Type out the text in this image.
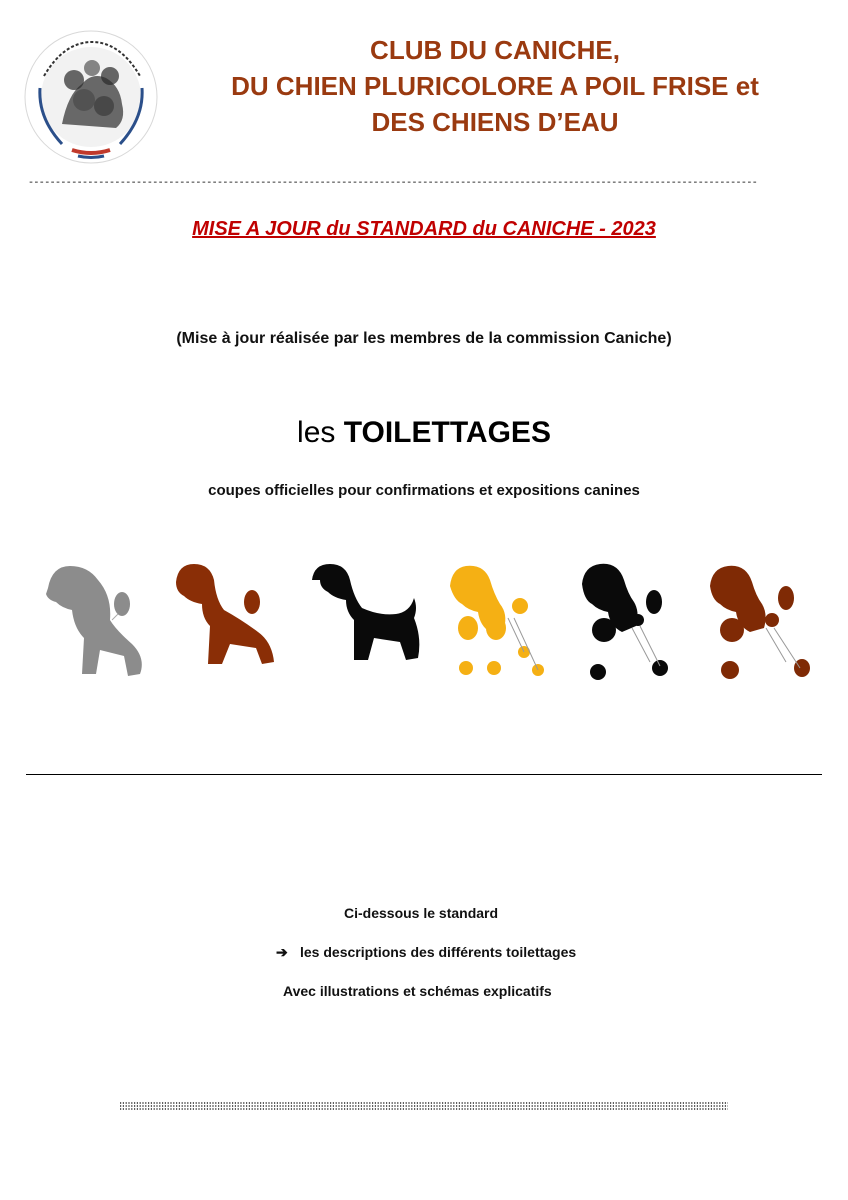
CLUB DU CANICHE,
DU CHIEN PLURICOLORE A POIL FRISE et
DES CHIENS D’EAU
---------------------------------------------------------------------------------------------------------------------------------------
MISE A JOUR du STANDARD du CANICHE - 2023
(Mise à jour réalisée par les membres de la commission Caniche)
les TOILETTAGES
coupes officielles pour confirmations et expositions canines
Ci-dessous le standard
➔ les descriptions des différents toilettages
Avec illustrations et schémas explicatifs
